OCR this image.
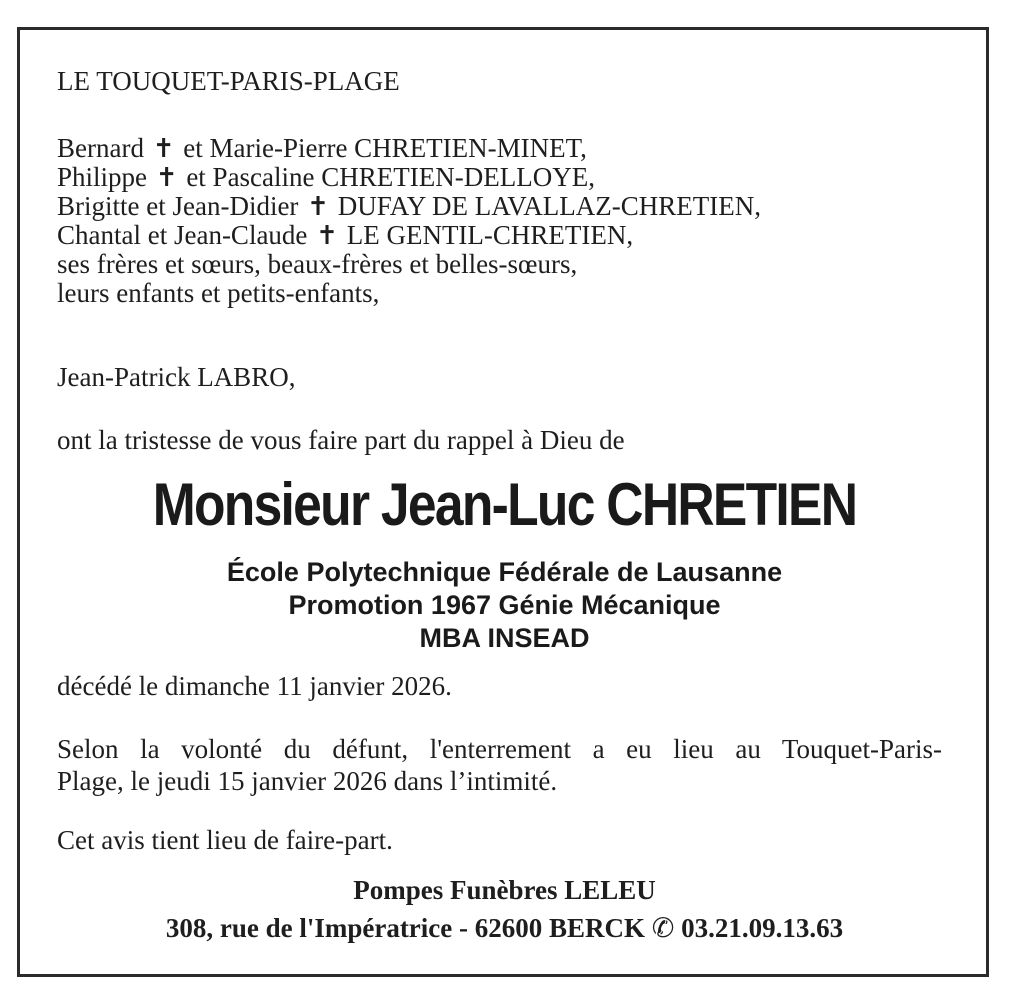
LE TOUQUET-PARIS-PLAGE
Bernard ✝ et Marie-Pierre CHRETIEN-MINET,
Philippe ✝ et Pascaline CHRETIEN-DELLOYE,
Brigitte et Jean-Didier ✝ DUFAY DE LAVALLAZ-CHRETIEN,
Chantal et Jean-Claude ✝ LE GENTIL-CHRETIEN,
ses frères et sœurs, beaux-frères et belles-sœurs,
leurs enfants et petits-enfants,
Jean-Patrick LABRO,
ont la tristesse de vous faire part du rappel à Dieu de
Monsieur Jean-Luc CHRETIEN
École Polytechnique Fédérale de Lausanne
Promotion 1967 Génie Mécanique
MBA INSEAD
décédé le dimanche 11 janvier 2026.
Selon la volonté du défunt, l'enterrement a eu lieu au Touquet-Paris-
Plage, le jeudi 15 janvier 2026 dans l’intimité.
Cet avis tient lieu de faire-part.
Pompes Funèbres LELEU
308, rue de l'Impératrice - 62600 BERCK ✆ 03.21.09.13.63
